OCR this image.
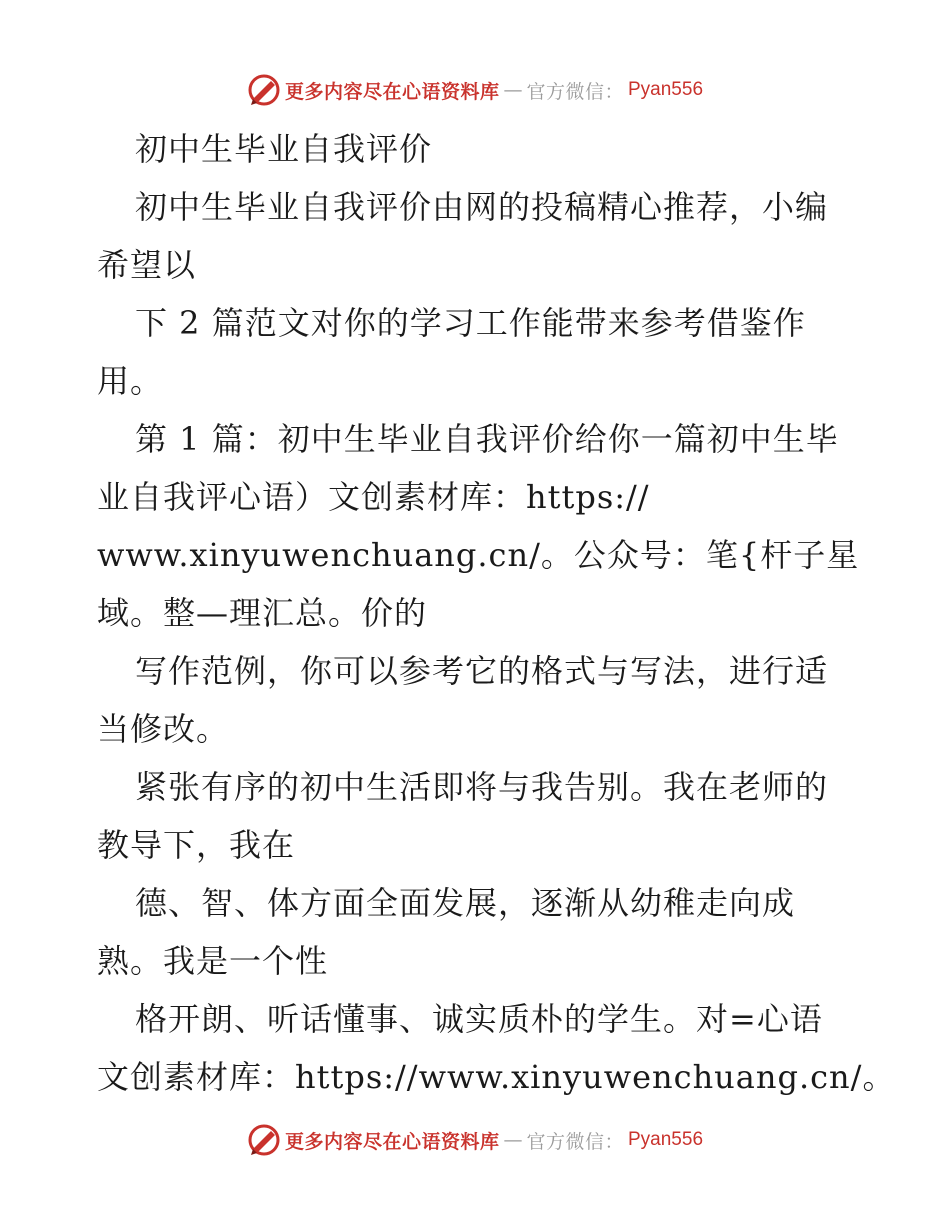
更多内容尽在心语资料库 — 官方微信： Pyan556
初中生毕业自我评价
初中生毕业自我评价由网的投稿精心推荐，小编
希望以
下 2 篇范文对你的学习工作能带来参考借鉴作
用。
第 1 篇：初中生毕业自我评价给你一篇初中生毕
业自我评心语）文创素材库：https://
www.xinyuwenchuang.cn/。公众号：笔{杆子星
域。整—理汇总。价的
写作范例，你可以参考它的格式与写法，进行适
当修改。
紧张有序的初中生活即将与我告别。我在老师的
教导下，我在
德、智、体方面全面发展，逐渐从幼稚走向成
熟。我是一个性
格开朗、听话懂事、诚实质朴的学生。对=心语
文创素材库：https://www.xinyuwenchuang.cn/。
更多内容尽在心语资料库 — 官方微信： Pyan556
